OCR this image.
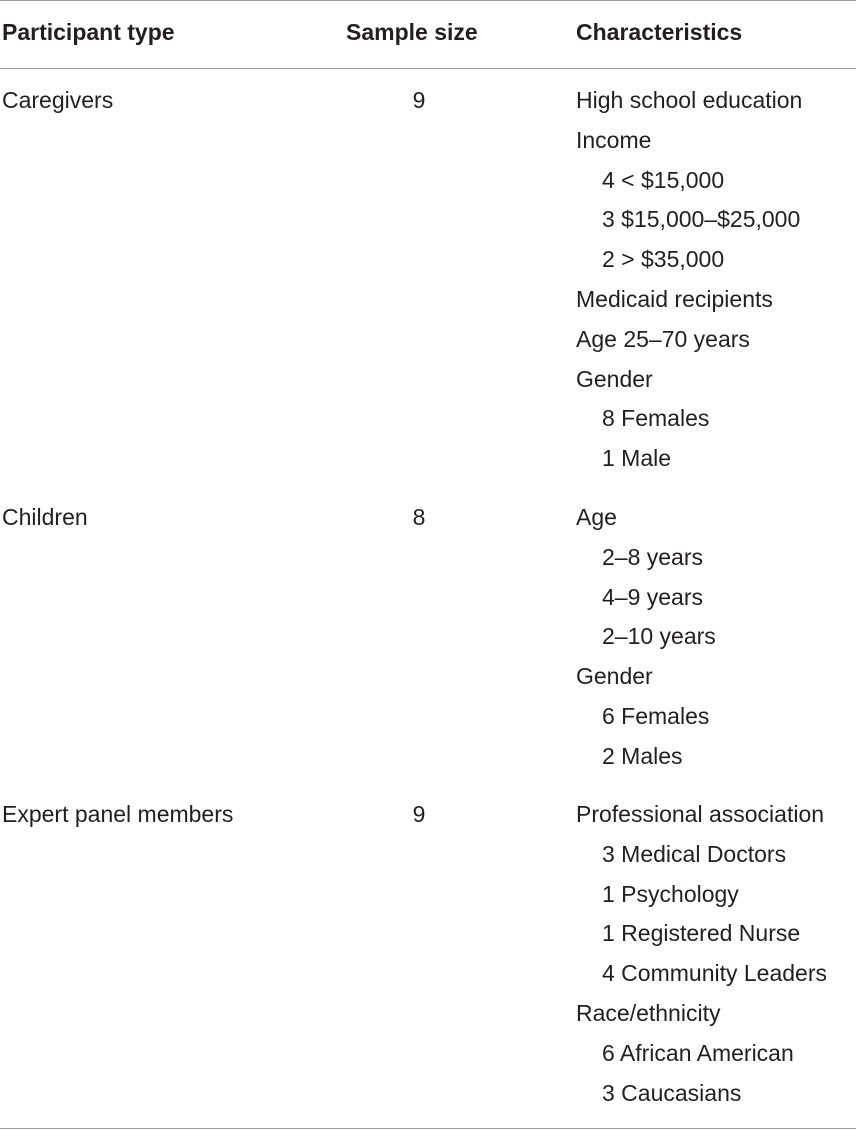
Participant type	Sample size	Characteristics
Caregivers	9	High school education
Income
4 < $15,000
3 $15,000–$25,000
2 > $35,000
Medicaid recipients
Age 25–70 years
Gender
8 Females
1 Male
Children	8	Age
2–8 years
4–9 years
2–10 years
Gender
6 Females
2 Males
Expert panel members	9	Professional association
3 Medical Doctors
1 Psychology
1 Registered Nurse
4 Community Leaders
Race/ethnicity
6 African American
3 Caucasians
